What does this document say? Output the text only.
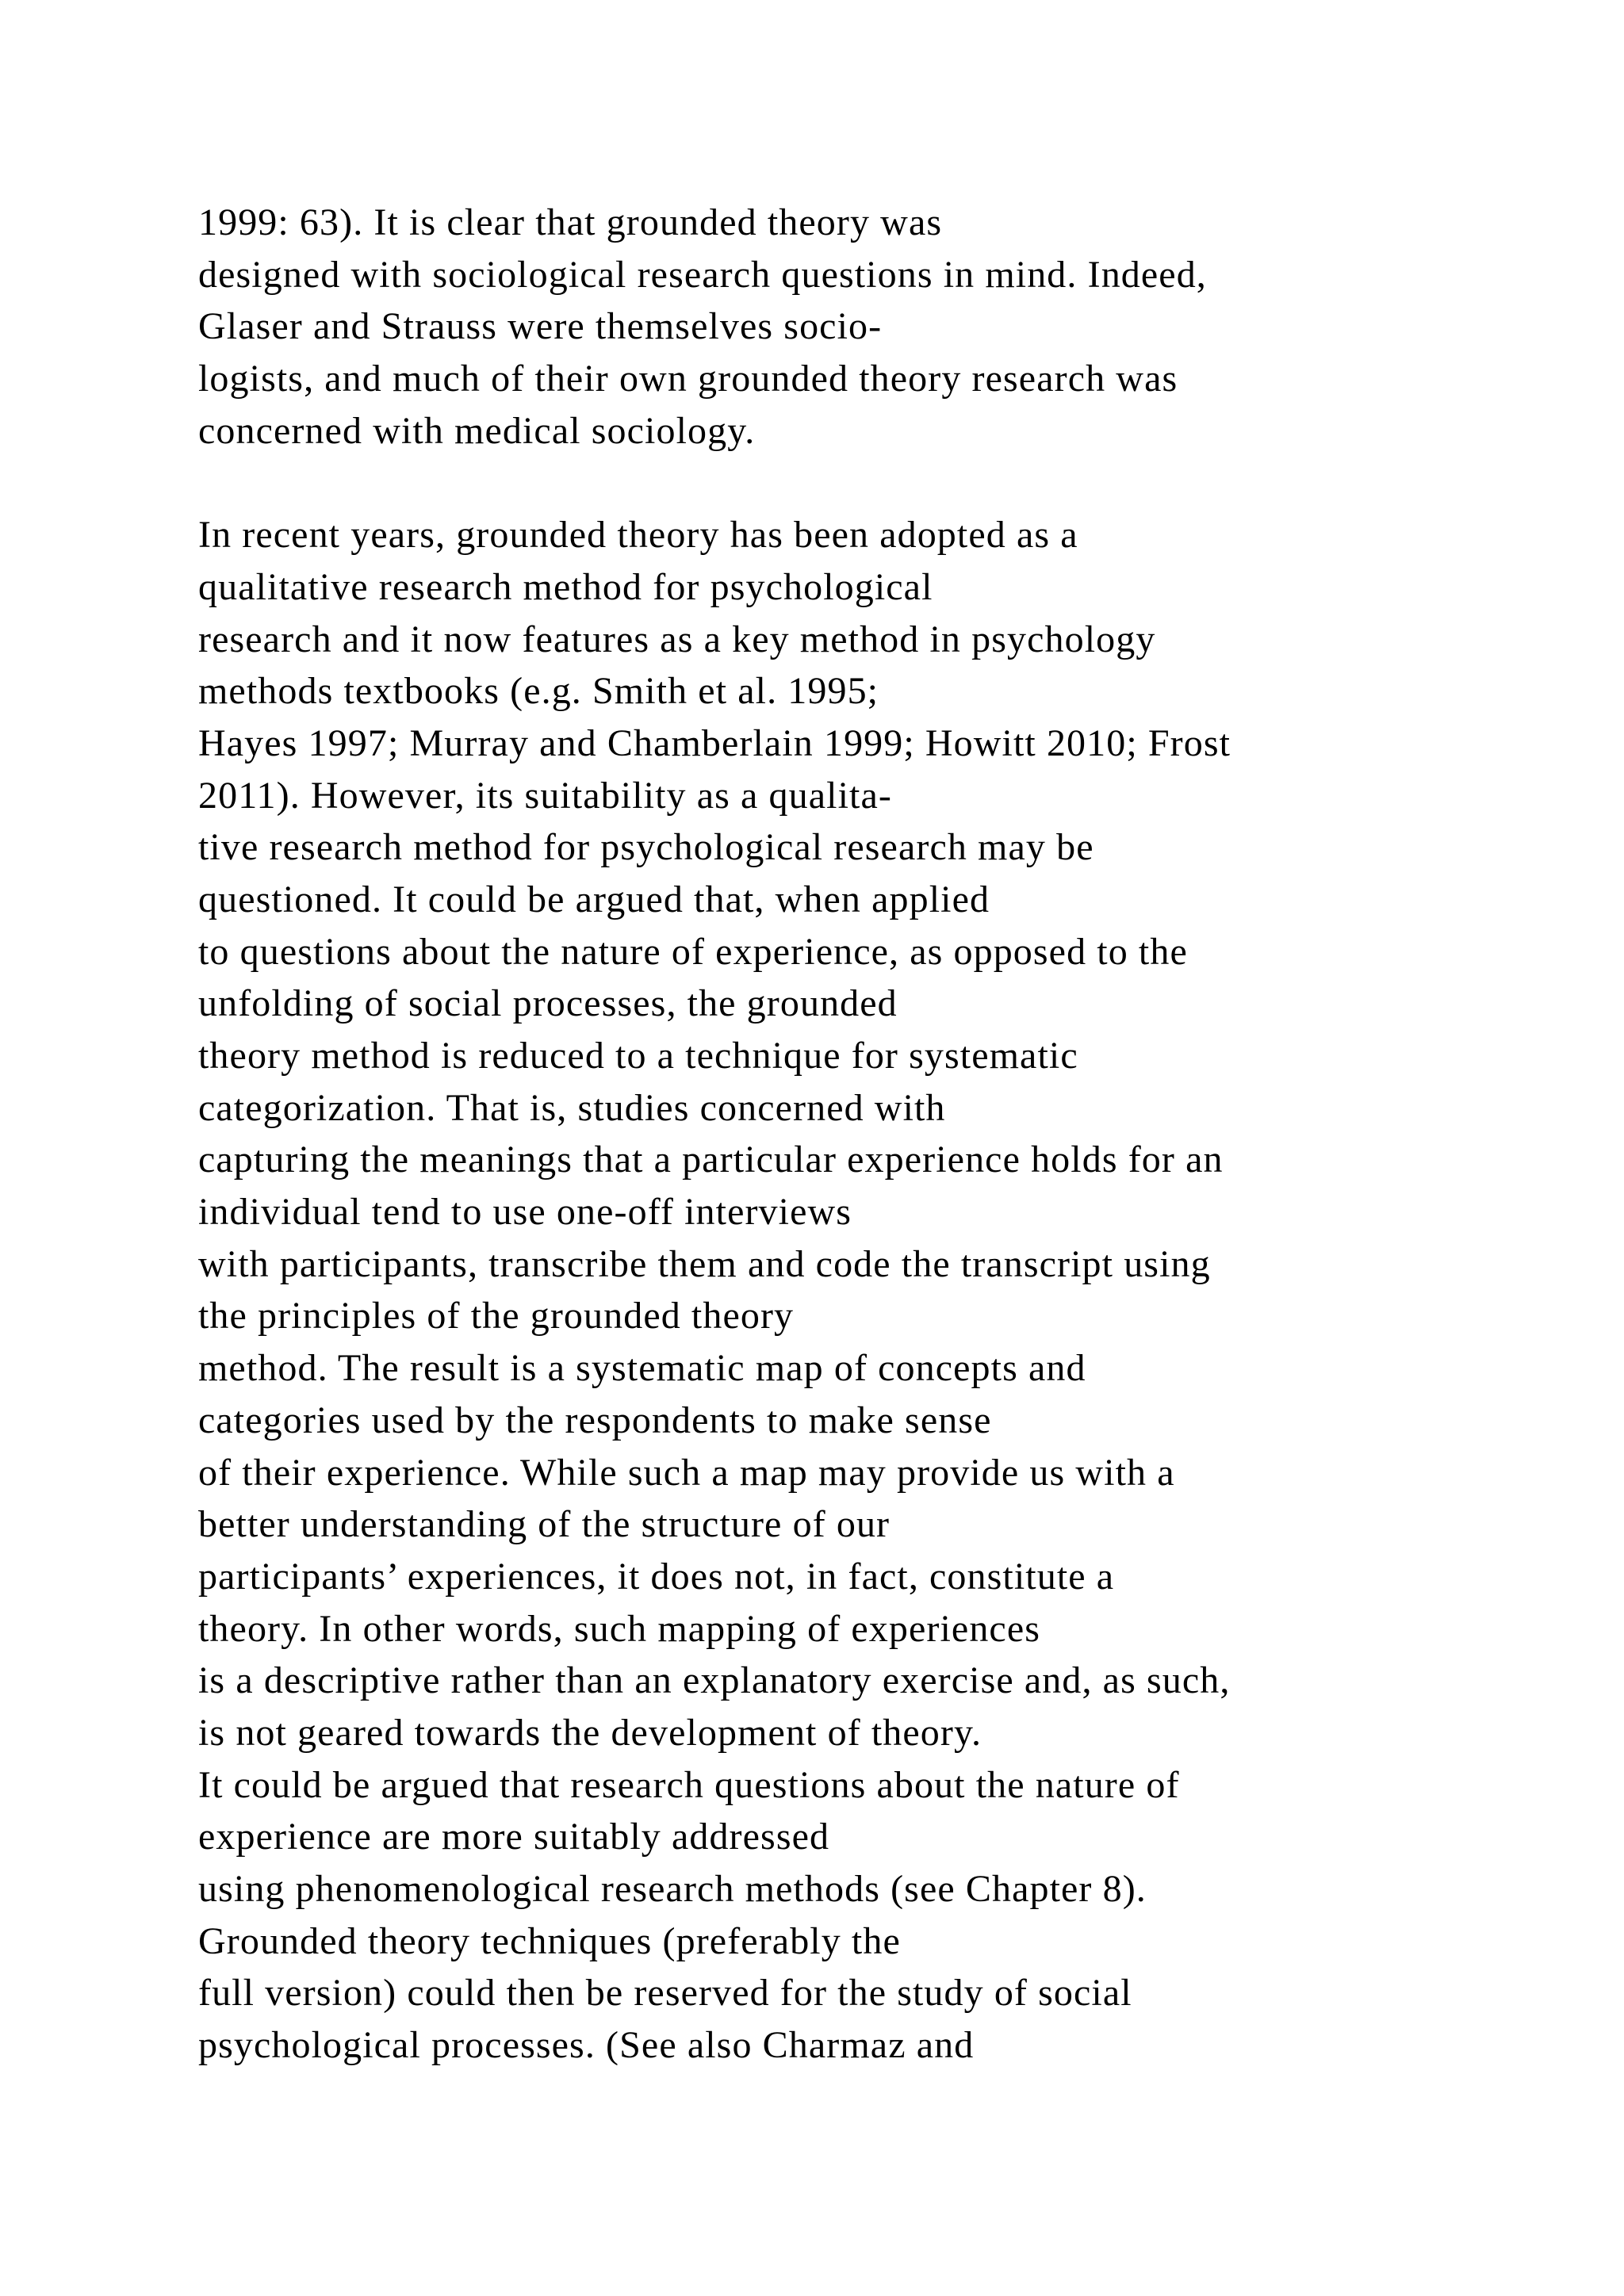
1999: 63). It is clear that grounded theory was
designed with sociological research questions in mind. Indeed,
Glaser and Strauss were themselves socio-
logists, and much of their own grounded theory research was
concerned with medical sociology.
In recent years, grounded theory has been adopted as a
qualitative research method for psychological
research and it now features as a key method in psychology
methods textbooks (e.g. Smith et al. 1995;
Hayes 1997; Murray and Chamberlain 1999; Howitt 2010; Frost
2011). However, its suitability as a qualita-
tive research method for psychological research may be
questioned. It could be argued that, when applied
to questions about the nature of experience, as opposed to the
unfolding of social processes, the grounded
theory method is reduced to a technique for systematic
categorization. That is, studies concerned with
capturing the meanings that a particular experience holds for an
individual tend to use one-off interviews
with participants, transcribe them and code the transcript using
the principles of the grounded theory
method. The result is a systematic map of concepts and
categories used by the respondents to make sense
of their experience. While such a map may provide us with a
better understanding of the structure of our
participants’ experiences, it does not, in fact, constitute a
theory. In other words, such mapping of experiences
is a descriptive rather than an explanatory exercise and, as such,
is not geared towards the development of theory.
It could be argued that research questions about the nature of
experience are more suitably addressed
using phenomenological research methods (see Chapter 8).
Grounded theory techniques (preferably the
full version) could then be reserved for the study of social
psychological processes. (See also Charmaz and
